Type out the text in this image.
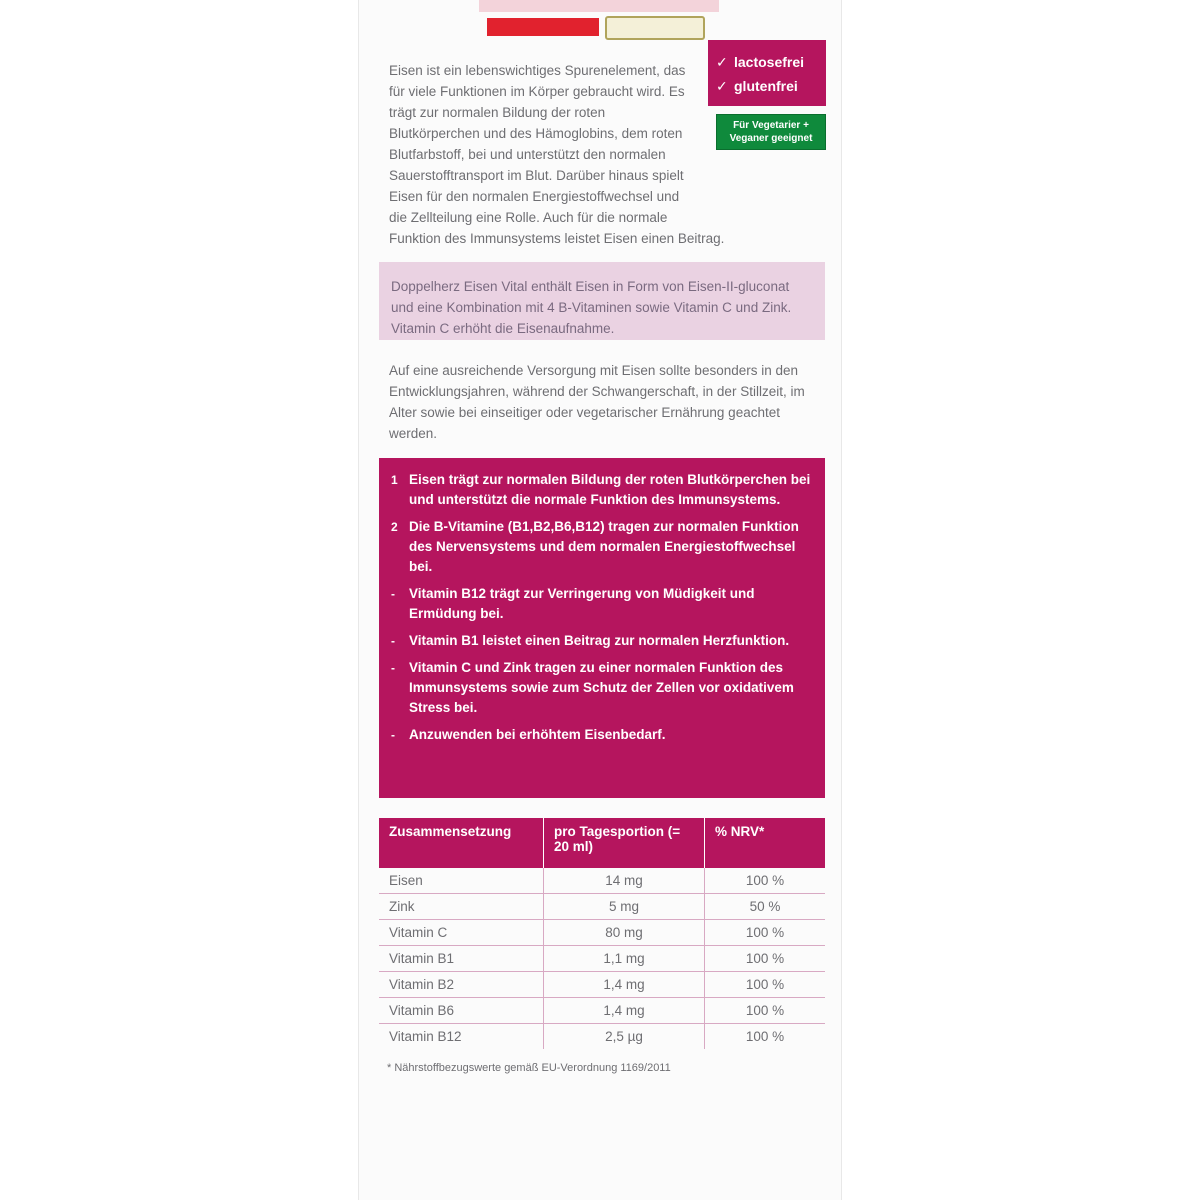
✓ lactosefrei
✓ glutenfrei
Für Vegetarier + Veganer geeignet
Eisen ist ein lebenswichtiges Spurenelement, das für viele Funktionen im Körper gebraucht wird. Es trägt zur normalen Bildung der roten Blutkörperchen und des Hämoglobins, dem roten Blutfarbstoff, bei und unterstützt den normalen Sauerstofftransport im Blut. Darüber hinaus spielt Eisen für den normalen Energiestoffwechsel und die Zellteilung eine Rolle. Auch für die normale Funktion des Immunsystems leistet Eisen einen Beitrag.
Doppelherz Eisen Vital enthält Eisen in Form von Eisen-II-gluconat und eine Kombination mit 4 B-Vitaminen sowie Vitamin C und Zink. Vitamin C erhöht die Eisenaufnahme.
Auf eine ausreichende Versorgung mit Eisen sollte besonders in den Entwicklungsjahren, während der Schwangerschaft, in der Stillzeit, im Alter sowie bei einseitiger oder vegetarischer Ernährung geachtet werden.
1 Eisen trägt zur normalen Bildung der roten Blutkörperchen bei und unterstützt die normale Funktion des Immunsystems.
2 Die B-Vitamine (B1,B2,B6,B12) tragen zur normalen Funktion des Nervensystems und dem normalen Energiestoffwechsel bei.
- Vitamin B12 trägt zur Verringerung von Müdigkeit und Ermüdung bei.
- Vitamin B1 leistet einen Beitrag zur normalen Herzfunktion.
- Vitamin C und Zink tragen zu einer normalen Funktion des Immunsystems sowie zum Schutz der Zellen vor oxidativem Stress bei.
- Anzuwenden bei erhöhtem Eisenbedarf.
Zusammensetzung	pro Tagesportion (= 20 ml)	% NRV*
Eisen	14 mg	100 %
Zink	5 mg	50 %
Vitamin C	80 mg	100 %
Vitamin B1	1,1 mg	100 %
Vitamin B2	1,4 mg	100 %
Vitamin B6	1,4 mg	100 %
Vitamin B12	2,5 µg	100 %
* Nährstoffbezugswerte gemäß EU-Verordnung 1169/2011
